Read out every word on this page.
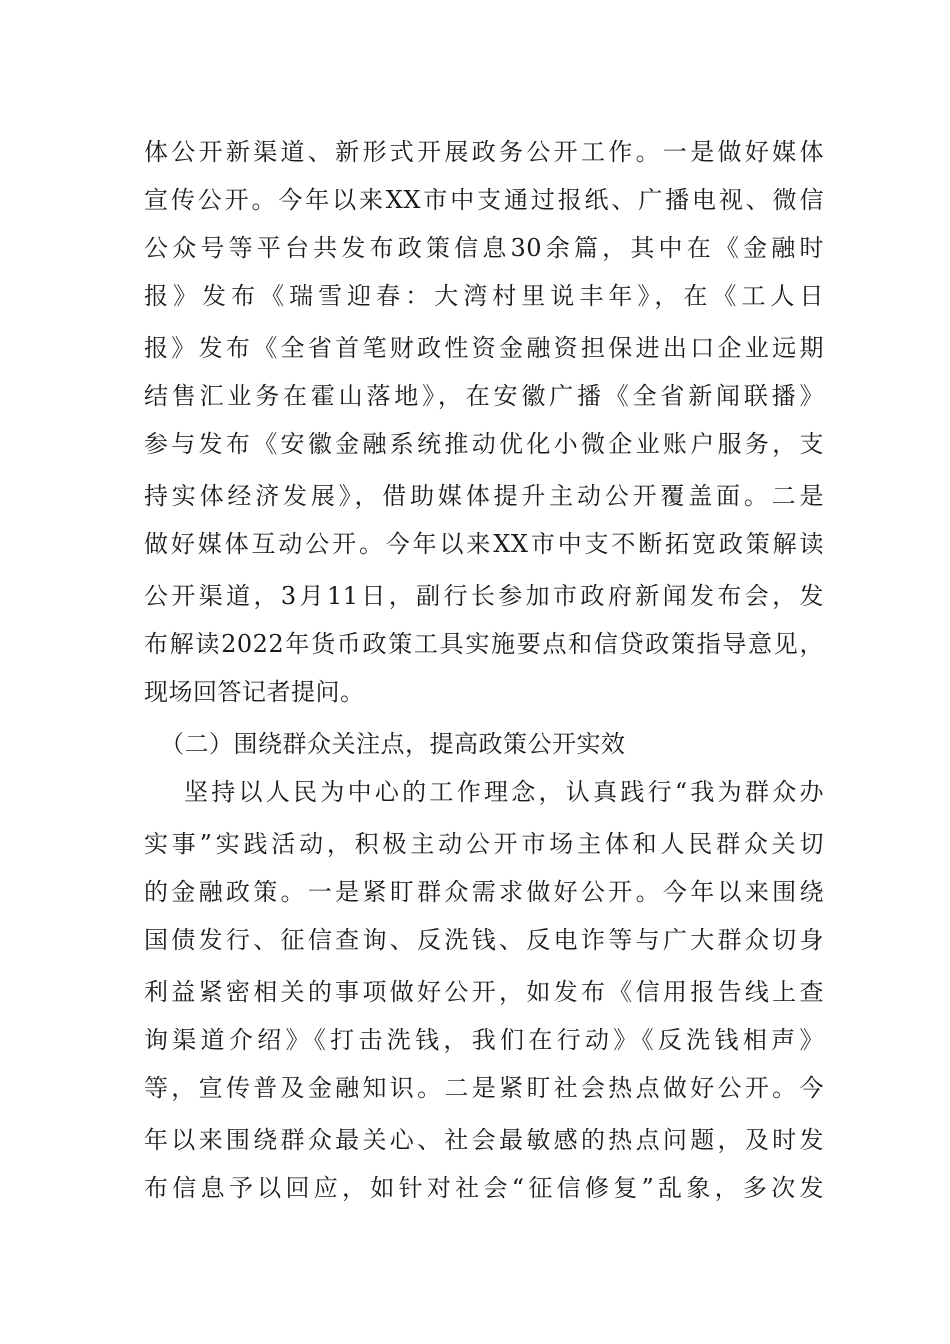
体公开新渠道、新形式开展政务公开工作。一是做好媒体
宣传公开。今年以来XX市中支通过报纸、广播电视、微信
公众号等平台共发布政策信息30余篇，其中在《金融时
报》发布《瑞雪迎春：大湾村里说丰年》，在《工人日
报》发布《全省首笔财政性资金融资担保进出口企业远期
结售汇业务在霍山落地》，在安徽广播《全省新闻联播》
参与发布《安徽金融系统推动优化小微企业账户服务，支
持实体经济发展》，借助媒体提升主动公开覆盖面。二是
做好媒体互动公开。今年以来XX市中支不断拓宽政策解读
公开渠道，3月11日，副行长参加市政府新闻发布会，发
布解读2022年货币政策工具实施要点和信贷政策指导意见，
现场回答记者提问。
（二）围绕群众关注点，提高政策公开实效
坚持以人民为中心的工作理念，认真践行“我为群众办
实事”实践活动，积极主动公开市场主体和人民群众关切
的金融政策。一是紧盯群众需求做好公开。今年以来围绕
国债发行、征信查询、反洗钱、反电诈等与广大群众切身
利益紧密相关的事项做好公开，如发布《信用报告线上查
询渠道介绍》《打击洗钱，我们在行动》《反洗钱相声》
等，宣传普及金融知识。二是紧盯社会热点做好公开。今
年以来围绕群众最关心、社会最敏感的热点问题，及时发
布信息予以回应，如针对社会“征信修复”乱象，多次发
